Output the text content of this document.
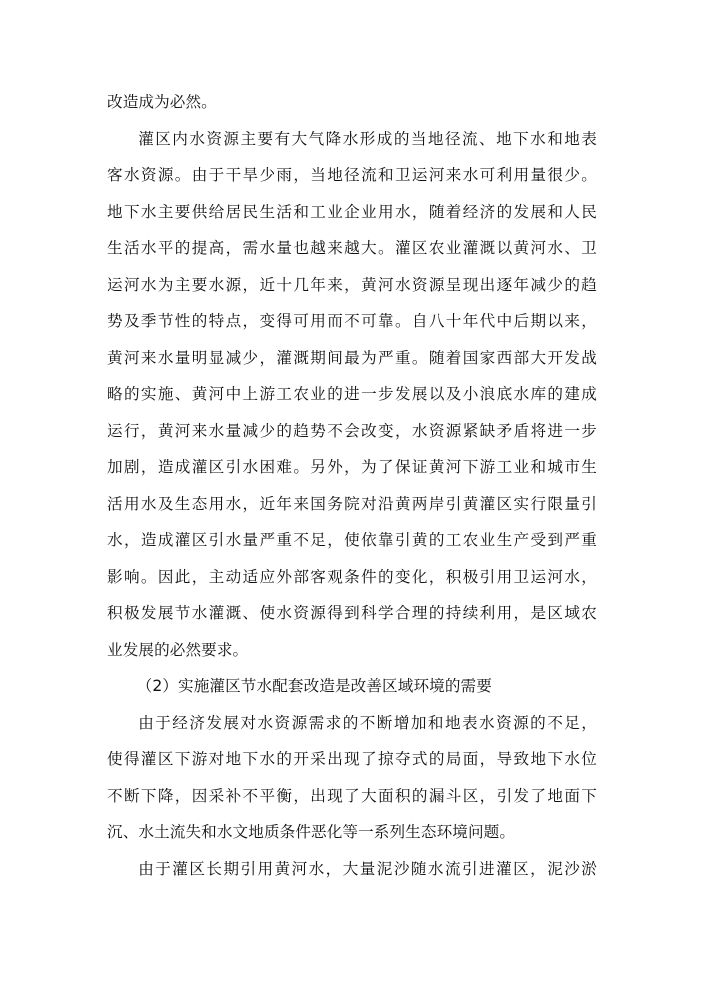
改造成为必然。
灌区内水资源主要有大气降水形成的当地径流、地下水和地表
客水资源。由于干旱少雨，当地径流和卫运河来水可利用量很少。
地下水主要供给居民生活和工业企业用水，随着经济的发展和人民
生活水平的提高，需水量也越来越大。灌区农业灌溉以黄河水、卫
运河水为主要水源，近十几年来，黄河水资源呈现出逐年减少的趋
势及季节性的特点，变得可用而不可靠。自八十年代中后期以来，
黄河来水量明显减少，灌溉期间最为严重。随着国家西部大开发战
略的实施、黄河中上游工农业的进一步发展以及小浪底水库的建成
运行，黄河来水量减少的趋势不会改变，水资源紧缺矛盾将进一步
加剧，造成灌区引水困难。另外，为了保证黄河下游工业和城市生
活用水及生态用水，近年来国务院对沿黄两岸引黄灌区实行限量引
水，造成灌区引水量严重不足，使依靠引黄的工农业生产受到严重
影响。因此，主动适应外部客观条件的变化，积极引用卫运河水，
积极发展节水灌溉、使水资源得到科学合理的持续利用，是区域农
业发展的必然要求。
（2）实施灌区节水配套改造是改善区域环境的需要
由于经济发展对水资源需求的不断增加和地表水资源的不足，
使得灌区下游对地下水的开采出现了掠夺式的局面，导致地下水位
不断下降，因采补不平衡，出现了大面积的漏斗区，引发了地面下
沉、水土流失和水文地质条件恶化等一系列生态环境问题。
由于灌区长期引用黄河水，大量泥沙随水流引进灌区，泥沙淤
